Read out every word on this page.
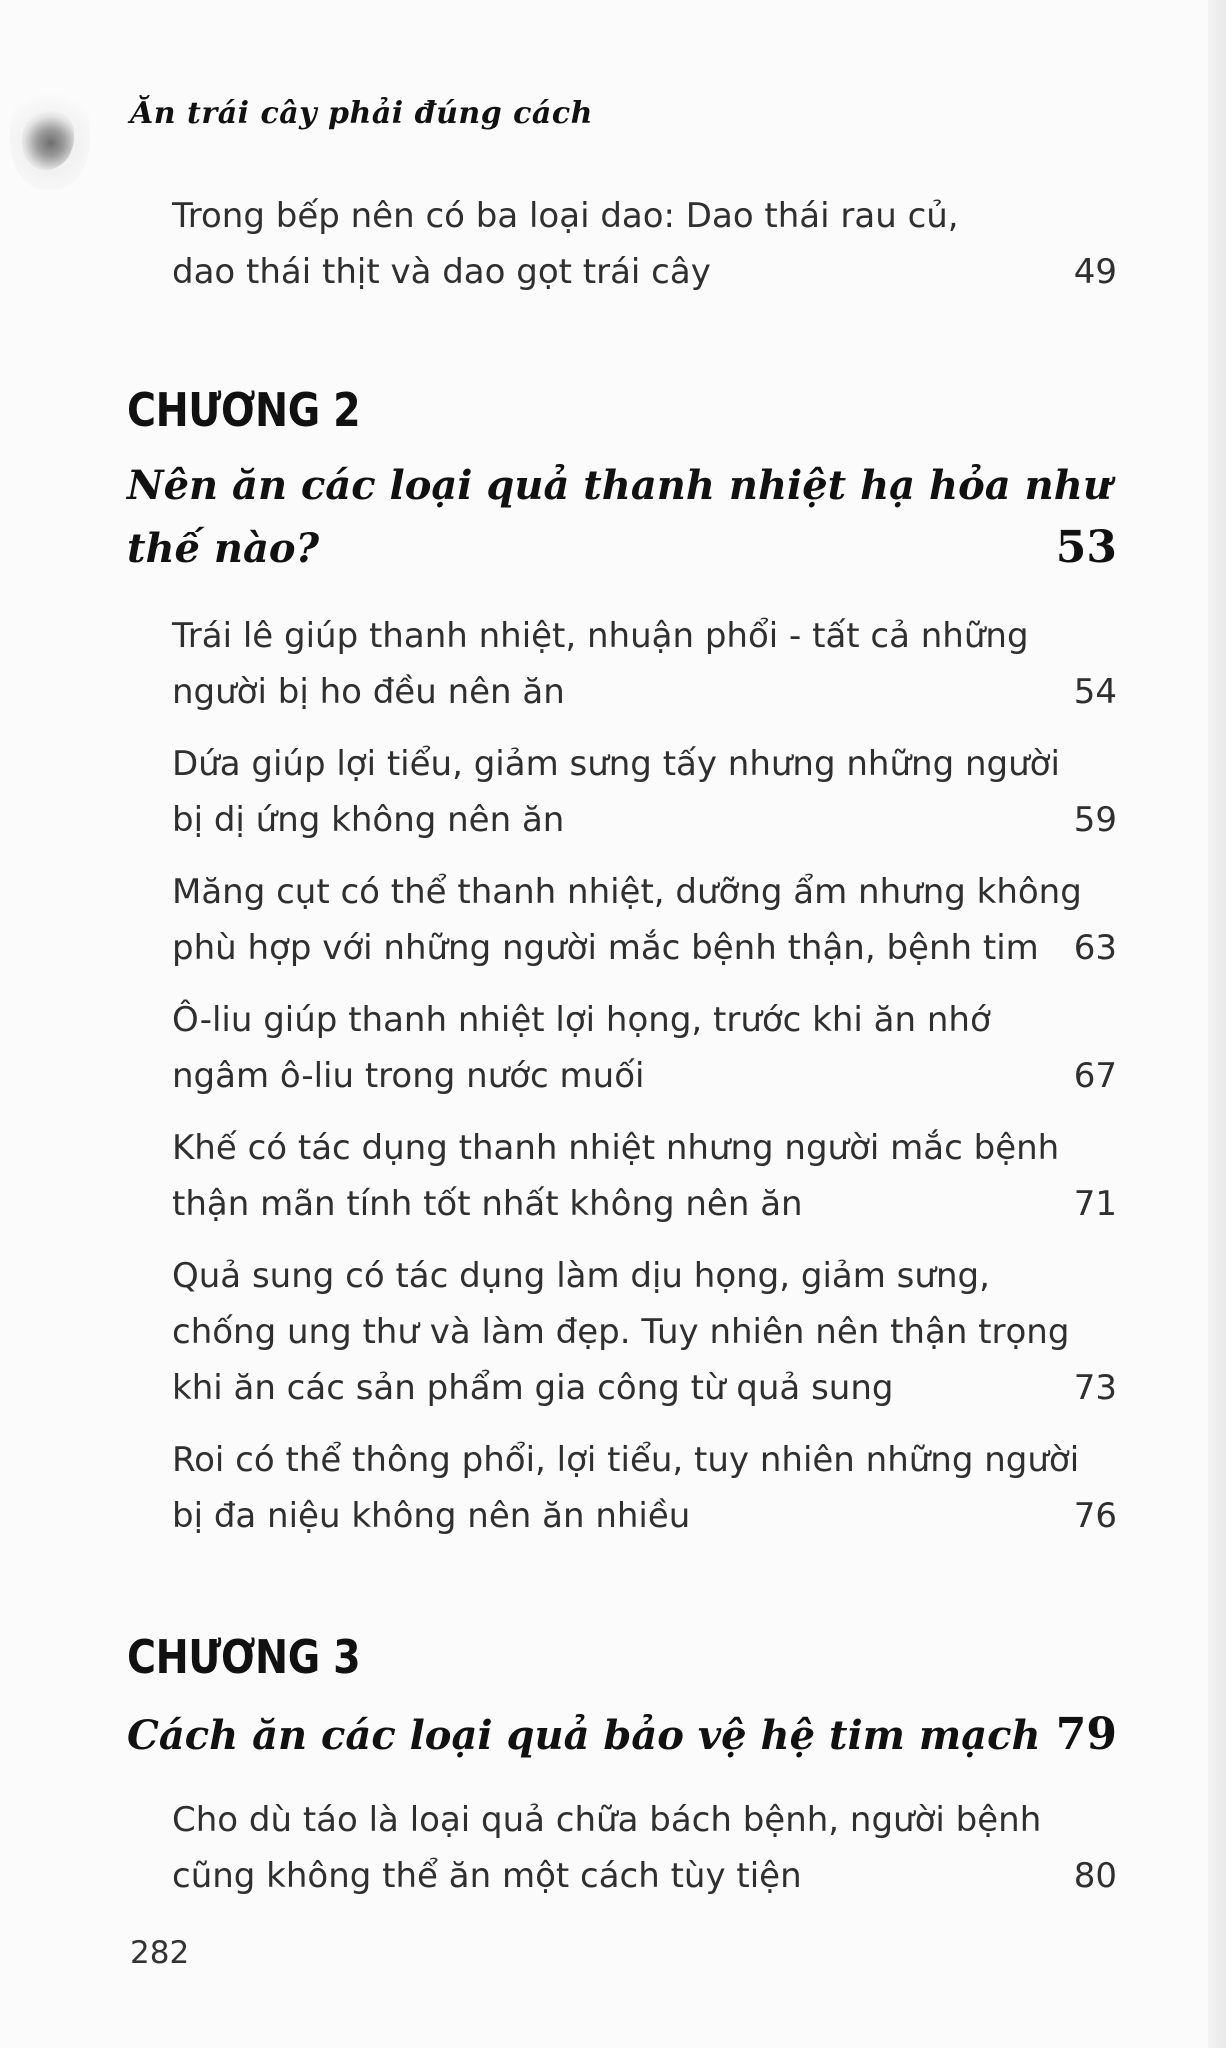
Ăn trái cây phải đúng cách
Trong bếp nên có ba loại dao: Dao thái rau củ,
dao thái thịt và dao gọt trái cây	49
CHƯƠNG 2
Nên ăn các loại quả thanh nhiệt hạ hỏa như
thế nào?	53
Trái lê giúp thanh nhiệt, nhuận phổi - tất cả những
người bị ho đều nên ăn	54
Dứa giúp lợi tiểu, giảm sưng tấy nhưng những người
bị dị ứng không nên ăn	59
Măng cụt có thể thanh nhiệt, dưỡng ẩm nhưng không
phù hợp với những người mắc bệnh thận, bệnh tim 63
Ô-liu giúp thanh nhiệt lợi họng, trước khi ăn nhớ
ngâm ô-liu trong nước muối	67
Khế có tác dụng thanh nhiệt nhưng người mắc bệnh
thận mãn tính tốt nhất không nên ăn	71
Quả sung có tác dụng làm dịu họng, giảm sưng,
chống ung thư và làm đẹp. Tuy nhiên nên thận trọng
khi ăn các sản phẩm gia công từ quả sung	73
Roi có thể thông phổi, lợi tiểu, tuy nhiên những người
bị đa niệu không nên ăn nhiều	76
CHƯƠNG 3
Cách ăn các loại quả bảo vệ hệ tim mạch 79
Cho dù táo là loại quả chữa bách bệnh, người bệnh
cũng không thể ăn một cách tùy tiện	80
282
